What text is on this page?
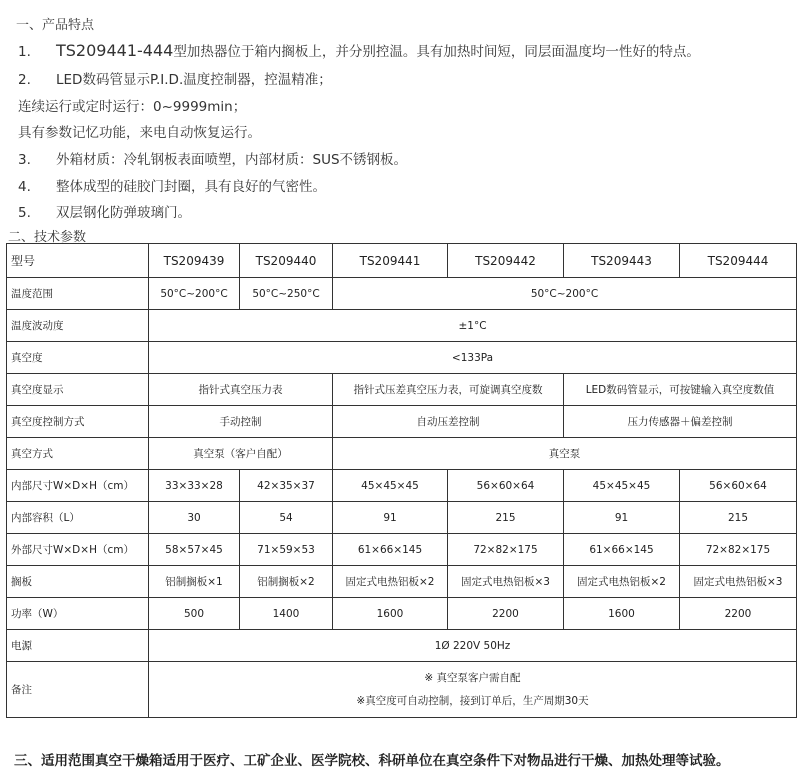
一、产品特点
1. TS209441-444型加热器位于箱内搁板上，并分别控温。具有加热时间短，同层面温度均一性好的特点。
2. LED数码管显示P.I.D.温度控制器，控温精准；
连续运行或定时运行：0~9999min；
具有参数记忆功能，来电自动恢复运行。
3. 外箱材质：冷轧钢板表面喷塑，内部材质：SUS不锈钢板。
4. 整体成型的硅胶门封圈，具有良好的气密性。
5. 双层钢化防弹玻璃门。
二、技术参数
型号	TS209439	TS209440	TS209441	TS209442	TS209443	TS209444
温度范围	50°C~200°C	50°C~250°C	50°C~200°C			
温度波动度	±1°C					
真空度	<133Pa					
真空度显示	指针式真空压力表		指针式压差真空压力表，可旋调真空度数		LED数码管显示，可按键输入真空度数值	
真空度控制方式	手动控制		自动压差控制		压力传感器＋偏差控制	
真空方式	真空泵（客户自配）		真空泵			
内部尺寸W×D×H（cm）	33×33×28	42×35×37	45×45×45	56×60×64	45×45×45	56×60×64
内部容积（L）	30	54	91	215	91	215
外部尺寸W×D×H（cm）	58×57×45	71×59×53	61×66×145	72×82×175	61×66×145	72×82×175
搁板	铝制搁板×1	铝制搁板×2	固定式电热铝板×2	固定式电热铝板×3	固定式电热铝板×2	固定式电热铝板×3
功率（W）	500	1400	1600	2200	1600	2200
电源	1Ø 220V 50Hz					
备注	※ 真空泵客户需自配
※真空度可自动控制，接到订单后，生产周期30天					
三、适用范围真空干燥箱适用于医疗、工矿企业、医学院校、科研单位在真空条件下对物品进行干燥、加热处理等试验。
